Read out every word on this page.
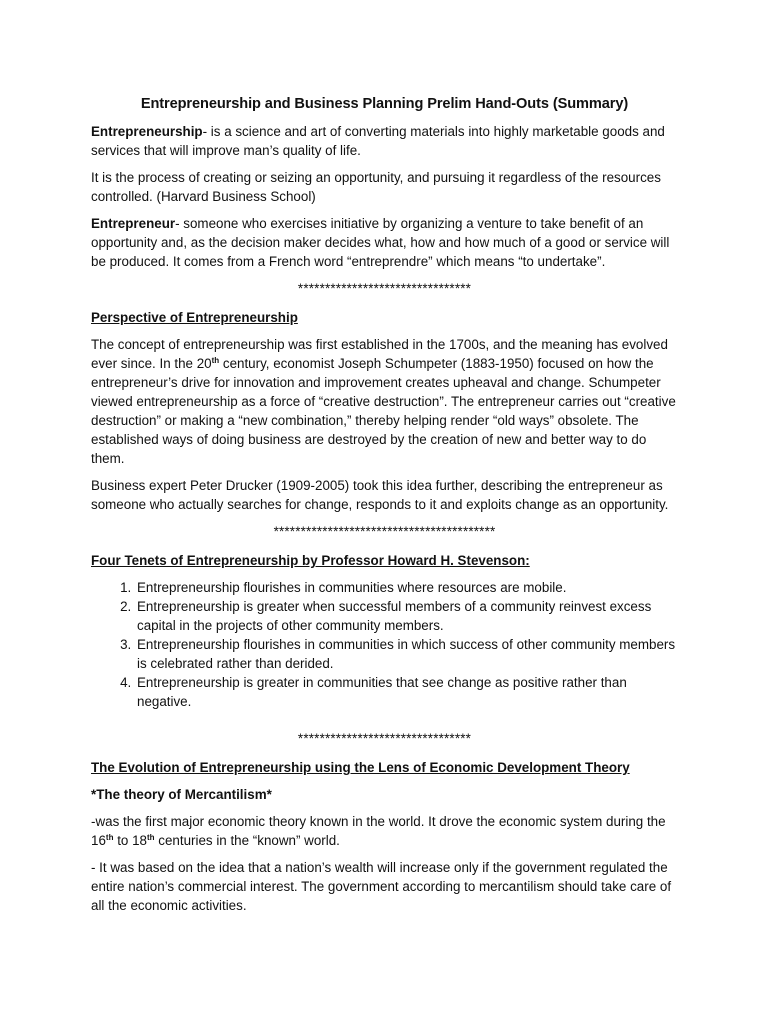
Entrepreneurship and Business Planning Prelim Hand-Outs (Summary)

Entrepreneurship- is a science and art of converting materials into highly marketable goods and services that will improve man’s quality of life.

It is the process of creating or seizing an opportunity, and pursuing it regardless of the resources controlled. (Harvard Business School)

Entrepreneur- someone who exercises initiative by organizing a venture to take benefit of an opportunity and, as the decision maker decides what, how and how much of a good or service will be produced. It comes from a French word “entreprendre” which means “to undertake”.

********************************
Perspective of Entrepreneurship

The concept of entrepreneurship was first established in the 1700s, and the meaning has evolved ever since. In the 20th century, economist Joseph Schumpeter (1883-1950) focused on how the entrepreneur’s drive for innovation and improvement creates upheaval and change. Schumpeter viewed entrepreneurship as a force of “creative destruction”. The entrepreneur carries out “creative destruction” or making a “new combination,” thereby helping render “old ways” obsolete. The established ways of doing business are destroyed by the creation of new and better way to do them.

Business expert Peter Drucker (1909-2005) took this idea further, describing the entrepreneur as someone who actually searches for change, responds to it and exploits change as an opportunity.

*****************************************
Four Tenets of Entrepreneurship by Professor Howard H. Stevenson:
1. Entrepreneurship flourishes in communities where resources are mobile.
2. Entrepreneurship is greater when successful members of a community reinvest excess capital in the projects of other community members.
3. Entrepreneurship flourishes in communities in which success of other community members is celebrated rather than derided.
4. Entrepreneurship is greater in communities that see change as positive rather than negative.
********************************
The Evolution of Entrepreneurship using the Lens of Economic Development Theory

*The theory of Mercantilism*

-was the first major economic theory known in the world. It drove the economic system during the 16th to 18th centuries in the “known” world.

- It was based on the idea that a nation’s wealth will increase only if the government regulated the entire nation’s commercial interest. The government according to mercantilism should take care of all the economic activities.
